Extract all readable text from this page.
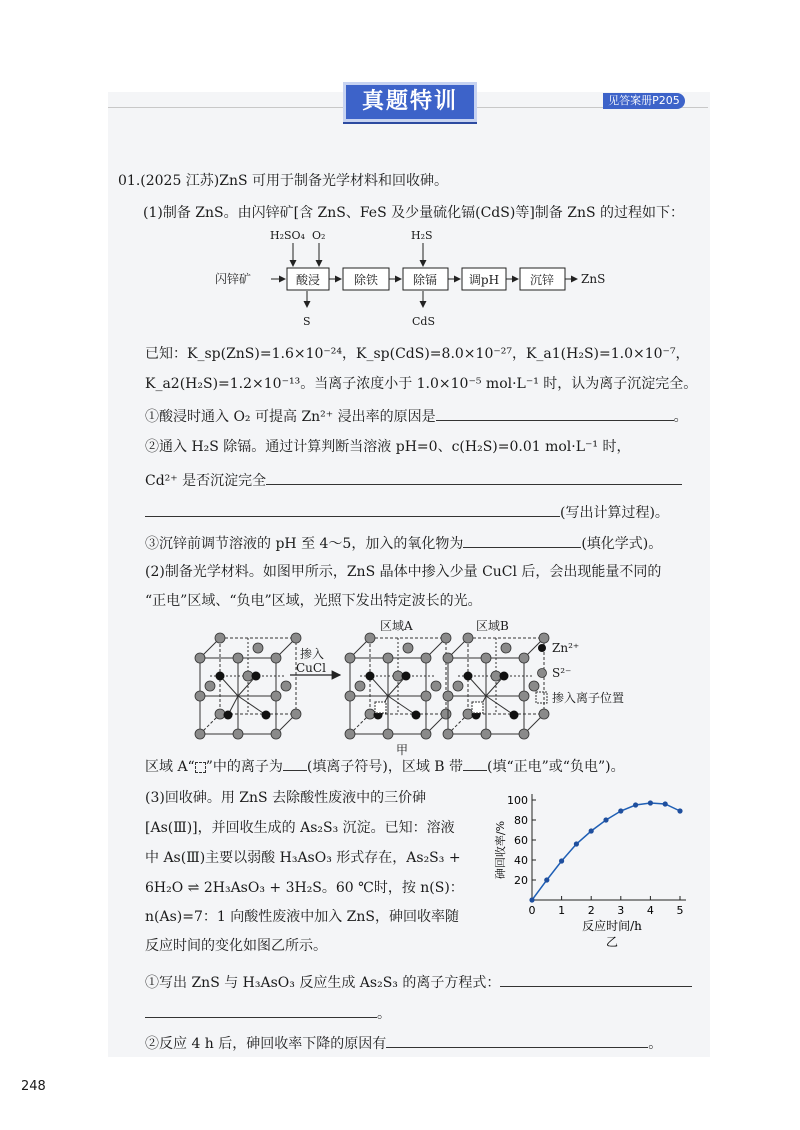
真题特训	见答案册P205
01.(2025 江苏)ZnS 可用于制备光学材料和回收砷。
(1)制备 ZnS。由闪锌矿[含 ZnS、FeS 及少量硫化镉(CdS)等]制备 ZnS 的过程如下：
闪锌矿	酸浸	除铁	除镉	调pH	沉锌 ZnS
H₂SO₄ O₂	H₂S
S	CdS
已知：K_sp(ZnS)=1.6×10⁻²⁴，K_sp(CdS)=8.0×10⁻²⁷，K_a1(H₂S)=1.0×10⁻⁷，
K_a2(H₂S)=1.2×10⁻¹³。当离子浓度小于 1.0×10⁻⁵ mol·L⁻¹ 时，认为离子沉淀完全。
①酸浸时通入 O₂ 可提高 Zn²⁺ 浸出率的原因是	。
②通入 H₂S 除镉。通过计算判断当溶液 pH=0、c(H₂S)=0.01 mol·L⁻¹ 时，
Cd²⁺ 是否沉淀完全
(写出计算过程)。
③沉锌前调节溶液的 pH 至 4～5，加入的氧化物为	(填化学式)。
(2)制备光学材料。如图甲所示，ZnS 晶体中掺入少量 CuCl 后，会出现能量不同的
“正电”区域、“负电”区域，光照下发出特定波长的光。
掺入
CuCl
区域A	区域B
Zn²⁺
S²⁻
掺入离子位置
甲
区域 A“ ”中的离子为 (填离子符号)，区域 B 带 (填“正电”或“负电”)。
(3)回收砷。用 ZnS 去除酸性废液中的三价砷
[As(Ⅲ)]，并回收生成的 As₂S₃ 沉淀。已知：溶液
中 As(Ⅲ)主要以弱酸 H₃AsO₃ 形式存在，As₂S₃ +
6H₂O ⇌ 2H₃AsO₃ + 3H₂S。60 ℃时，按 n(S)：
n(As)=7：1 向酸性废液中加入 ZnS，砷回收率随
反应时间的变化如图乙所示。
20
40
60
80
100
0 1 2 3 4 5
砷回收率/%
反应时间/h
乙
①写出 ZnS 与 H₃AsO₃ 反应生成 As₂S₃ 的离子方程式：
。
②反应 4 h 后，砷回收率下降的原因有	。
248
